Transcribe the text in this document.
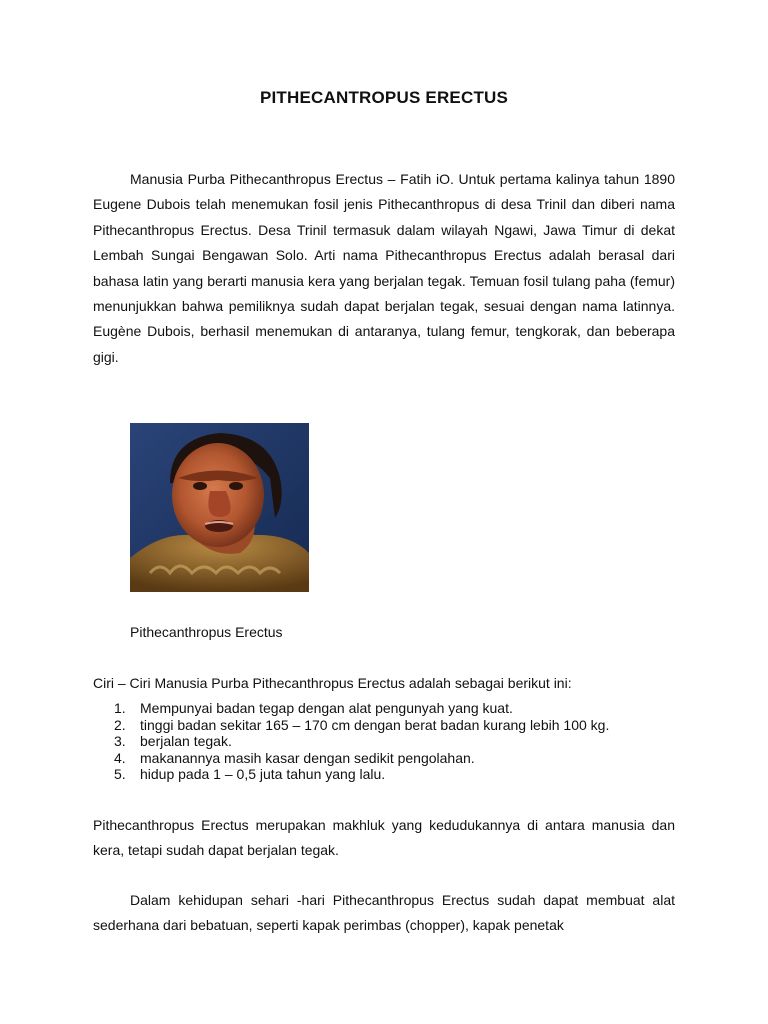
PITHECANTROPUS ERECTUS

Manusia Purba Pithecanthropus Erectus – Fatih iO. Untuk pertama kalinya tahun 1890 Eugene Dubois telah menemukan fosil jenis Pithecanthropus di desa Trinil dan diberi nama Pithecanthropus Erectus. Desa Trinil termasuk dalam wilayah Ngawi, Jawa Timur di dekat Lembah Sungai Bengawan Solo. Arti nama Pithecanthropus Erectus adalah berasal dari bahasa latin yang berarti manusia kera yang berjalan tegak. Temuan fosil tulang paha (femur) menunjukkan bahwa pemiliknya sudah dapat berjalan tegak, sesuai dengan nama latinnya. Eugène Dubois, berhasil menemukan di antaranya, tulang femur, tengkorak, dan beberapa gigi.

Pithecanthropus Erectus
Ciri – Ciri Manusia Purba Pithecanthropus Erectus adalah sebagai berikut ini:
1.	Mempunyai badan tegap dengan alat pengunyah yang kuat.
2.	tinggi badan sekitar 165 – 170 cm dengan berat badan kurang lebih 100 kg.
3.	berjalan tegak.
4.	makanannya masih kasar dengan sedikit pengolahan.
5.	hidup pada 1 – 0,5 juta tahun yang lalu.

Pithecanthropus Erectus merupakan makhluk yang kedudukannya di antara manusia dan kera, tetapi sudah dapat berjalan tegak.

Dalam kehidupan sehari -hari Pithecanthropus Erectus sudah dapat membuat alat sederhana dari bebatuan, seperti kapak perimbas (chopper), kapak penetak
